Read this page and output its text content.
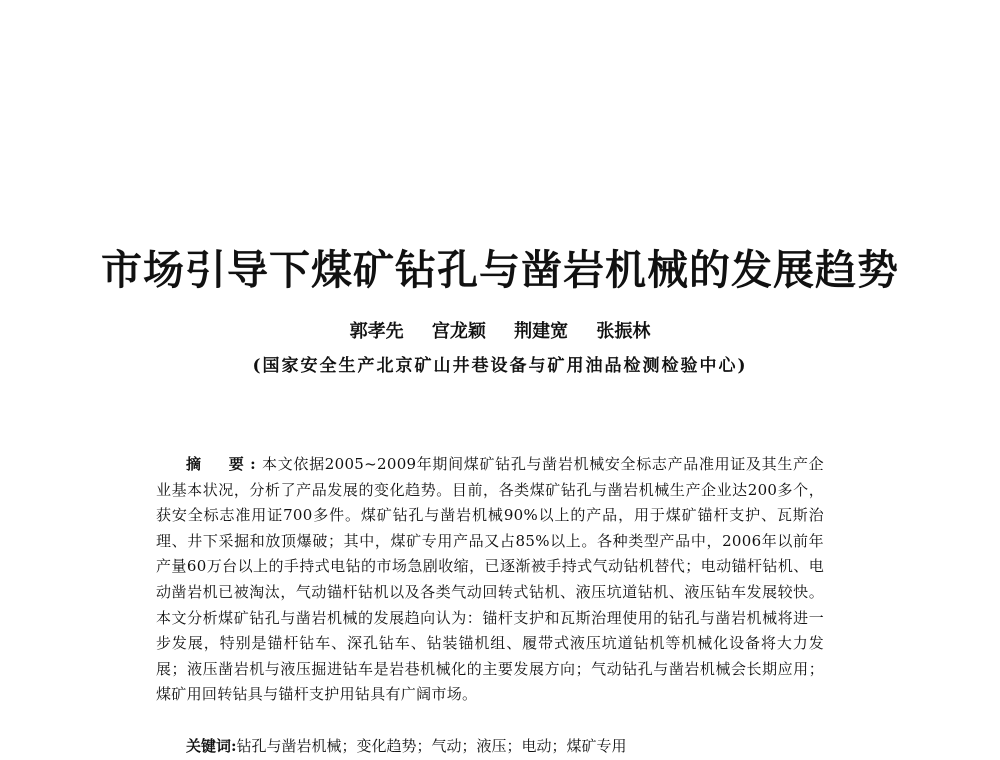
市场引导下煤矿钻孔与凿岩机械的发展趋势
郭孝先 宫龙颖 荆建宽 张振林
(国家安全生产北京矿山井巷设备与矿用油品检测检验中心)
摘　要:本文依据2005~2009年期间煤矿钻孔与凿岩机械安全标志产品准用证及其生产企业基本状况，分析了产品发展的变化趋势。目前，各类煤矿钻孔与凿岩机械生产企业达200多个，获安全标志准用证700多件。煤矿钻孔与凿岩机械90%以上的产品，用于煤矿锚杆支护、瓦斯治理、井下采掘和放顶爆破；其中，煤矿专用产品又占85%以上。各种类型产品中，2006年以前年产量60万台以上的手持式电钻的市场急剧收缩，已逐渐被手持式气动钻机替代；电动锚杆钻机、电动凿岩机已被淘汰，气动锚杆钻机以及各类气动回转式钻机、液压坑道钻机、液压钻车发展较快。本文分析煤矿钻孔与凿岩机械的发展趋向认为：锚杆支护和瓦斯治理使用的钻孔与凿岩机械将进一步发展，特别是锚杆钻车、深孔钻车、钻装锚机组、履带式液压坑道钻机等机械化设备将大力发展；液压凿岩机与液压掘进钻车是岩巷机械化的主要发展方向；气动钻孔与凿岩机械会长期应用；煤矿用回转钻具与锚杆支护用钻具有广阔市场。
关键词:钻孔与凿岩机械；变化趋势；气动；液压；电动；煤矿专用
